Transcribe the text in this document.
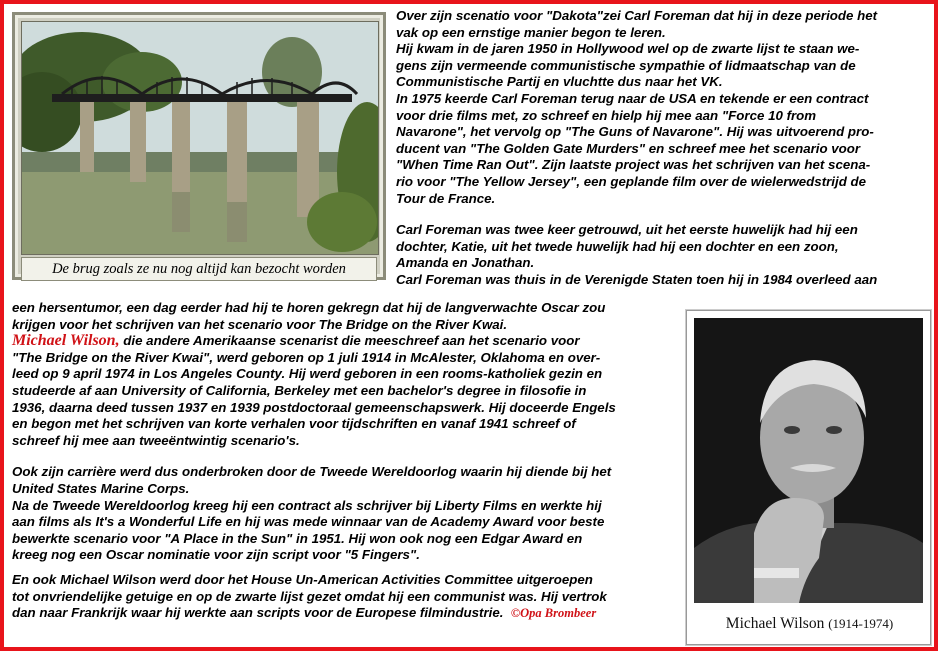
De brug zoals ze nu nog altijd kan bezocht worden

Over zijn scenatio voor "Dakota"zei Carl Foreman dat hij in deze periode het

vak op een ernstige manier begon te leren.

Hij kwam in de jaren 1950 in Hollywood wel op de zwarte lijst te staan we-

gens zijn vermeende communistische sympathie of lidmaatschap van de

Communistische Partij en vluchtte dus naar het VK.

In 1975 keerde Carl Foreman terug naar de USA en tekende er een contract

voor drie films met, zo schreef en hielp hij mee aan "Force 10 from

Navarone", het vervolg op "The Guns of Navarone". Hij was uitvoerend pro-

ducent van "The Golden Gate Murders" en schreef mee het scenario voor

"When Time Ran Out". Zijn laatste project was het schrijven van het scena-

rio voor "The Yellow Jersey", een geplande film over de wielerwedstrijd de

Tour de France.

Carl Foreman was twee keer getrouwd, uit het eerste huwelijk had hij een

dochter, Katie, uit het twede huwelijk had hij een dochter en een zoon,

Amanda en Jonathan.

Carl Foreman was thuis in de Verenigde Staten toen hij in 1984 overleed aan

een hersentumor, een dag eerder had hij te horen gekregn dat hij de langverwachte Oscar zou

krijgen voor het schrijven van het scenario voor The Bridge on the River Kwai.

Michael Wilson, die andere Amerikaanse scenarist die meeschreef aan het scenario voor

"The Bridge on the River Kwai", werd geboren op 1 juli 1914 in McAlester, Oklahoma en over-

leed op 9 april 1974 in Los Angeles County. Hij werd geboren in een rooms-katholiek gezin en

studeerde af aan University of California, Berkeley met een bachelor's degree in filosofie in

1936, daarna deed tussen 1937 en 1939 postdoctoraal gemeenschapswerk. Hij doceerde Engels

en begon met het schrijven van korte verhalen voor tijdschriften en vanaf 1941 schreef of

schreef hij mee aan tweeëntwintig scenario's.

Ook zijn carrière werd dus onderbroken door de Tweede Wereldoorlog waarin hij diende bij het

United States Marine Corps.

Na de Tweede Wereldoorlog kreeg hij een contract als schrijver bij Liberty Films en werkte hij

aan films als It's a Wonderful Life en hij was mede winnaar van de Academy Award voor beste

bewerkte scenario voor "A Place in the Sun" in 1951. Hij won ook nog een Edgar Award en

kreeg nog een Oscar nominatie voor zijn script voor "5 Fingers".

En ook Michael Wilson werd door het House Un-American Activities Committee uitgeroepen

tot onvriendelijke getuige en op de zwarte lijst gezet omdat hij een communist was. Hij vertrok

dan naar Frankrijk waar hij werkte aan scripts voor de Europese filmindustrie. ©Opa Brombeer

Michael Wilson (1914-1974)
